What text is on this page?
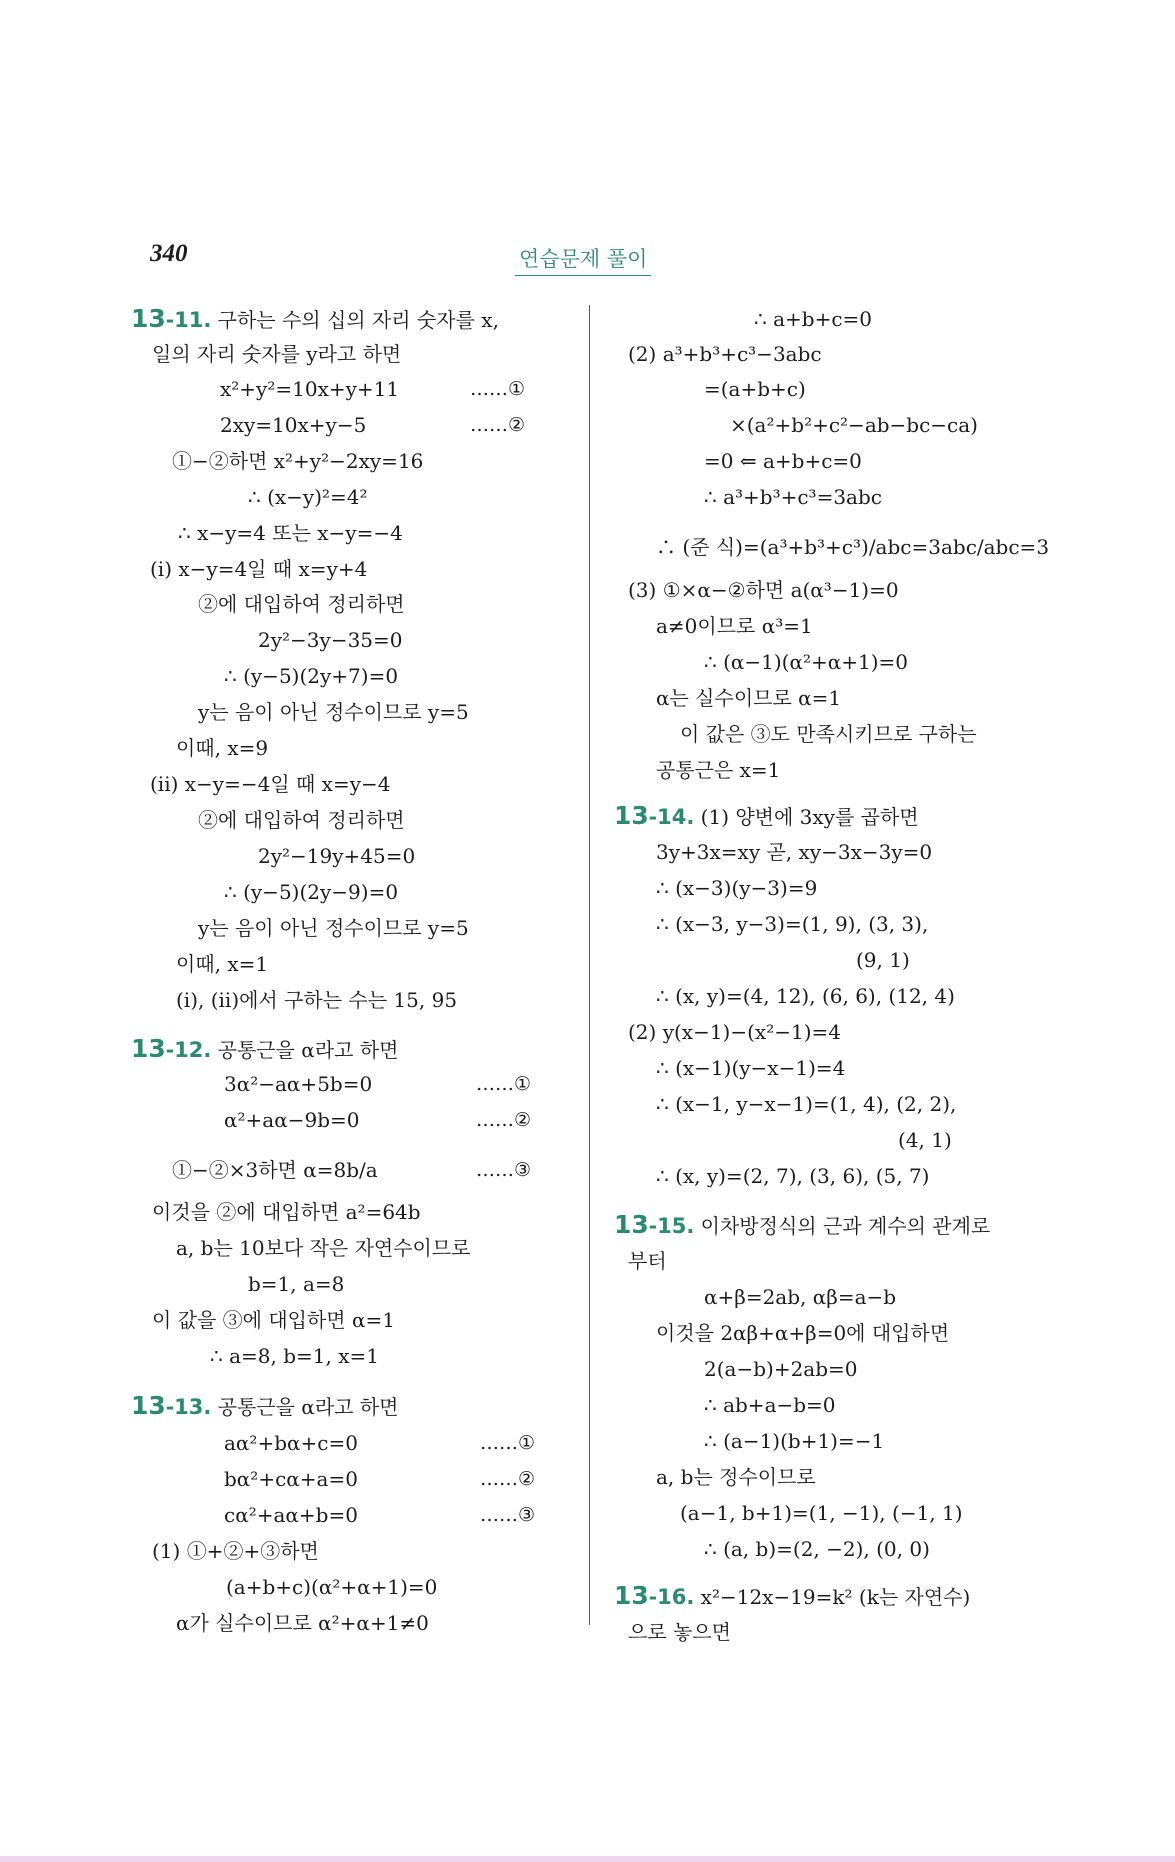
340	연습문제 풀이
13-11. 구하는 수의 십의 자리 숫자를 x,
일의 자리 숫자를 y라고 하면
x²+y²=10x+y+11
2xy=10x+y−5
①−②하면 x²+y²−2xy=16
∴ (x−y)²=4²
∴ x−y=4 또는 x−y=−4
(i) x−y=4일 때 x=y+4
②에 대입하여 정리하면
2y²−3y−35=0
∴ (y−5)(2y+7)=0
y는 음이 아닌 정수이므로 y=5
이때, x=9
(ii) x−y=−4일 때 x=y−4
②에 대입하여 정리하면
2y²−19y+45=0
∴ (y−5)(2y−9)=0
y는 음이 아닌 정수이므로 y=5
이때, x=1
(i), (ii)에서 구하는 수는 15, 95
13-12. 공통근을 α라고 하면
3α²−aα+5b=0
α²+aα−9b=0
①−②×3하면 α=8b/a
이것을 ②에 대입하면 a²=64b
a, b는 10보다 작은 자연수이므로
b=1, a=8
이 값을 ③에 대입하면 α=1
∴ a=8, b=1, x=1
13-13. 공통근을 α라고 하면
aα²+bα+c=0
bα²+cα+a=0
cα²+aα+b=0
(1) ①+②+③하면
(a+b+c)(α²+α+1)=0
α가 실수이므로 α²+α+1≠0
……①
……②
……①
……②
……③
……①
……②
……③
∴ a+b+c=0
(2) a³+b³+c³−3abc
=(a+b+c)
×(a²+b²+c²−ab−bc−ca)
=0 ⇐ a+b+c=0
∴ a³+b³+c³=3abc
∴ (준 식)=(a³+b³+c³)/abc=3abc/abc=3
(3) ①×α−②하면 a(α³−1)=0
a≠0이므로 α³=1
∴ (α−1)(α²+α+1)=0
α는 실수이므로 α=1
이 값은 ③도 만족시키므로 구하는
공통근은 x=1
13-14. (1) 양변에 3xy를 곱하면
3y+3x=xy 곧, xy−3x−3y=0
∴ (x−3)(y−3)=9
∴ (x−3, y−3)=(1, 9), (3, 3),
(9, 1)
∴ (x, y)=(4, 12), (6, 6), (12, 4)
(2) y(x−1)−(x²−1)=4
∴ (x−1)(y−x−1)=4
∴ (x−1, y−x−1)=(1, 4), (2, 2),
(4, 1)
∴ (x, y)=(2, 7), (3, 6), (5, 7)
13-15. 이차방정식의 근과 계수의 관계로
부터
α+β=2ab, αβ=a−b
이것을 2αβ+α+β=0에 대입하면
2(a−b)+2ab=0
∴ ab+a−b=0
∴ (a−1)(b+1)=−1
a, b는 정수이므로
(a−1, b+1)=(1, −1), (−1, 1)
∴ (a, b)=(2, −2), (0, 0)
13-16. x²−12x−19=k² (k는 자연수)
으로 놓으면
